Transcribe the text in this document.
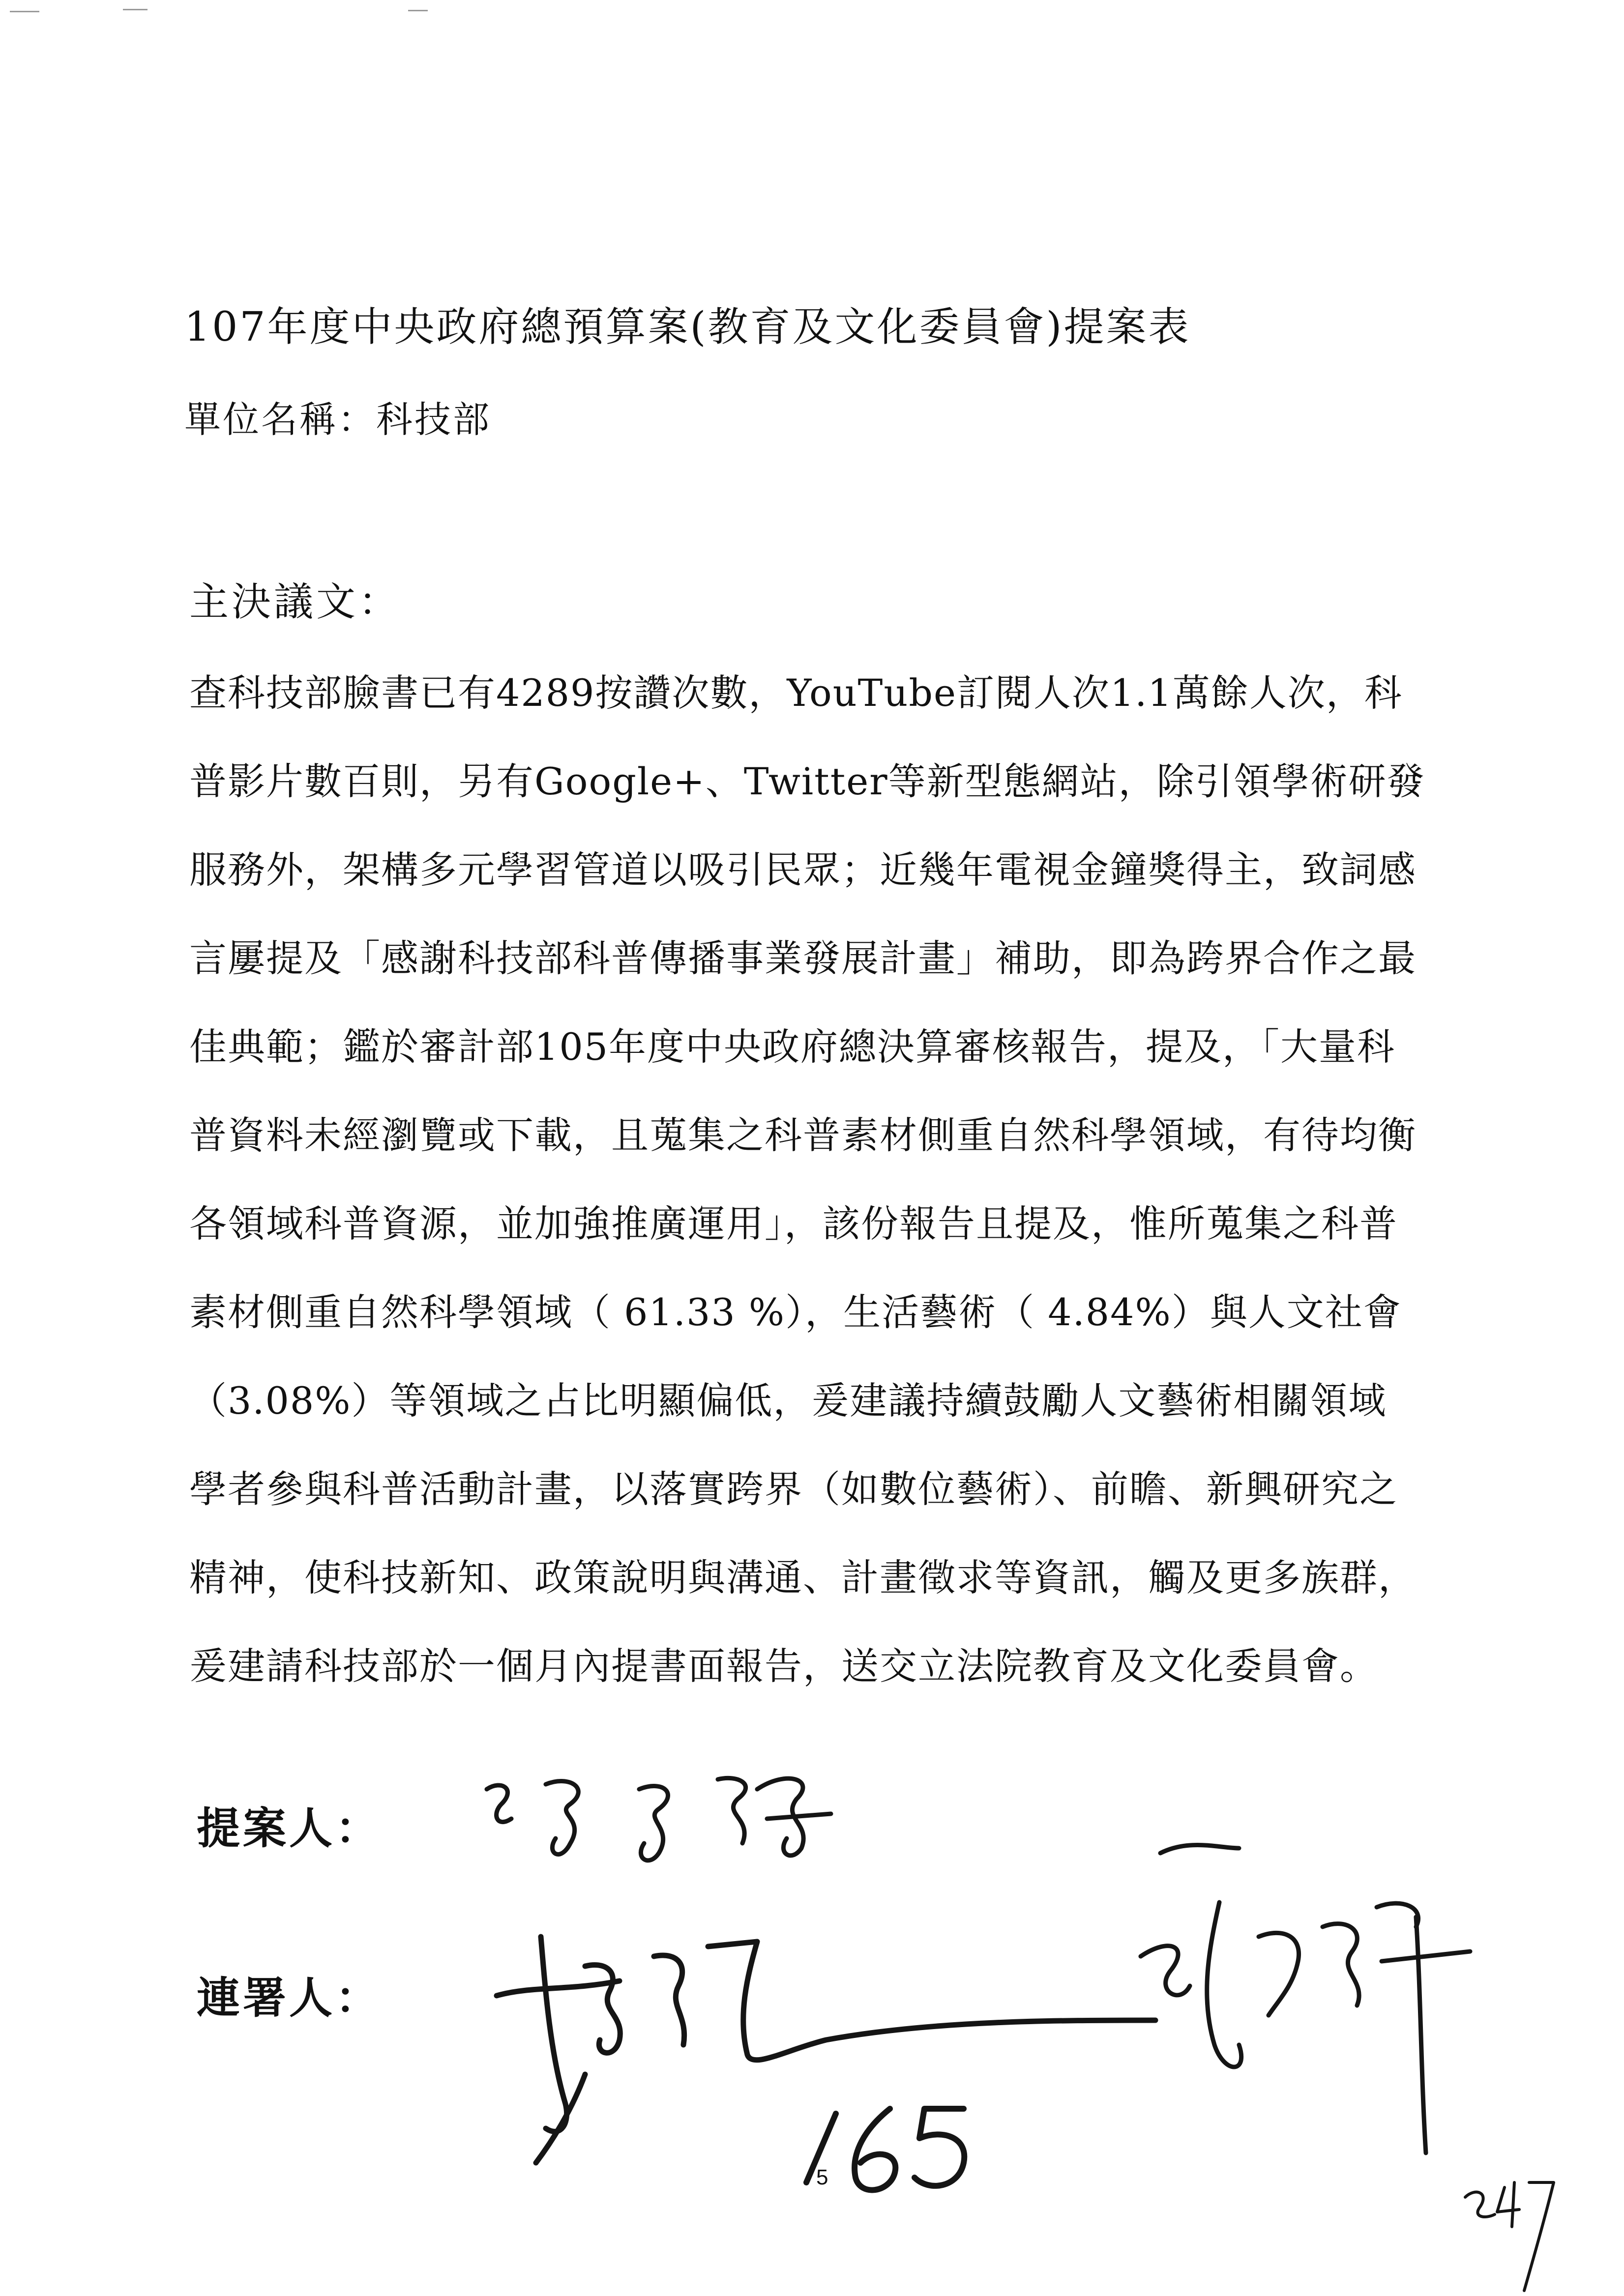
107年度中央政府總預算案(教育及文化委員會)提案表
單位名稱：科技部
主決議文：
查科技部臉書已有4289按讚次數，YouTube訂閱人次1.1萬餘人次，科
普影片數百則，另有Google+、Twitter等新型態網站，除引領學術研發
服務外，架構多元學習管道以吸引民眾；近幾年電視金鐘獎得主，致詞感
言屢提及「感謝科技部科普傳播事業發展計畫」補助，即為跨界合作之最
佳典範；鑑於審計部105年度中央政府總決算審核報告，提及，「大量科
普資料未經瀏覽或下載，且蒐集之科普素材側重自然科學領域，有待均衡
各領域科普資源，並加強推廣運用」，該份報告且提及，惟所蒐集之科普
素材側重自然科學領域（ 61.33 %），生活藝術（ 4.84%）與人文社會
（3.08%）等領域之占比明顯偏低，爰建議持續鼓勵人文藝術相關領域
學者參與科普活動計畫，以落實跨界（如數位藝術）、前瞻、新興研究之
精神，使科技新知、政策說明與溝通、計畫徵求等資訊，觸及更多族群，
爰建請科技部於一個月內提書面報告，送交立法院教育及文化委員會。
提案人：
連署人：
5
